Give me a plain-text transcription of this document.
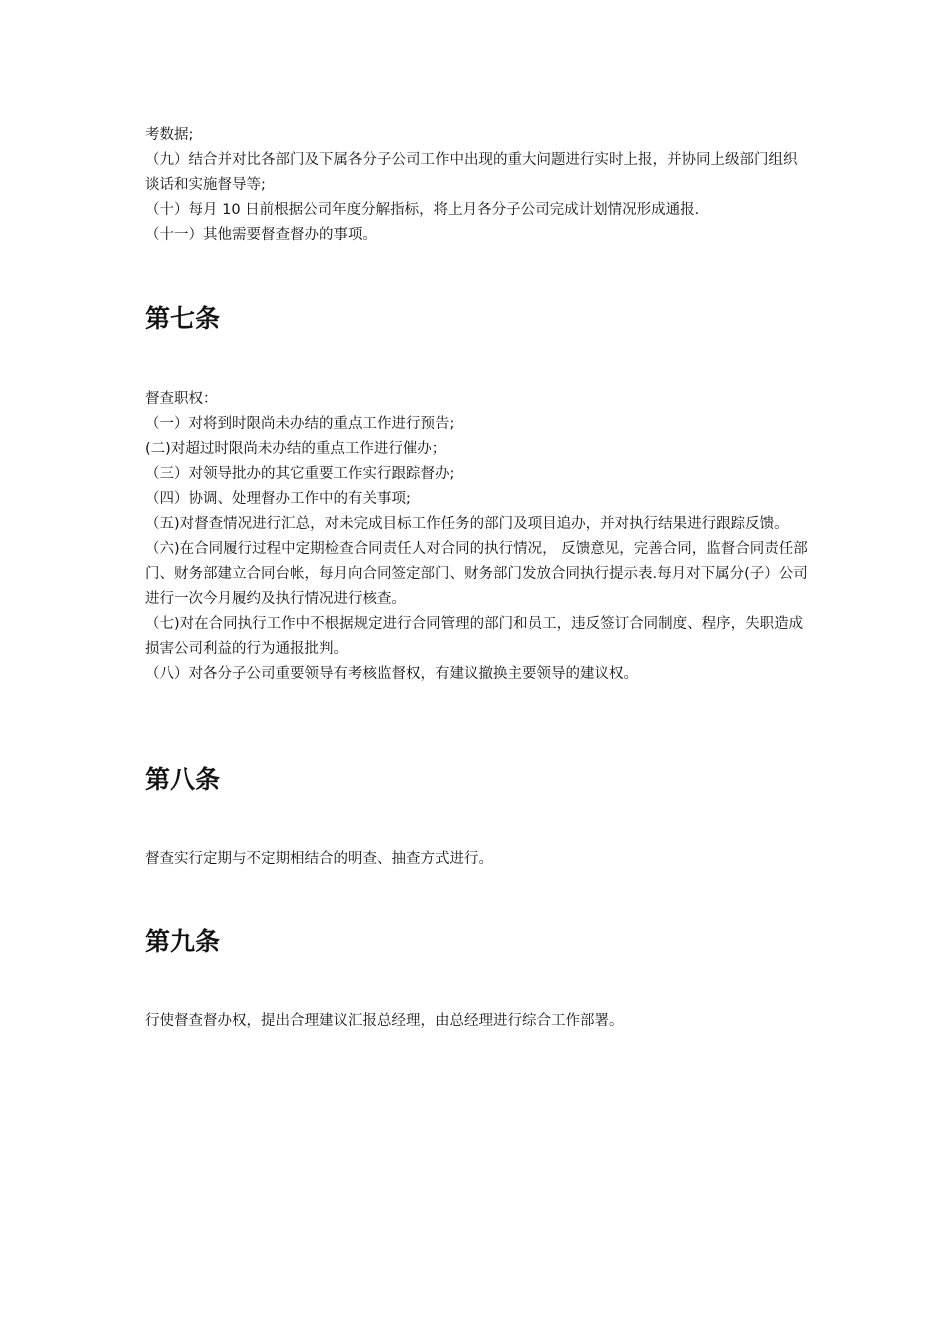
考数据;

（九）结合并对比各部门及下属各分子公司工作中出现的重大问题进行实时上报，并协同上级部门组织谈话和实施督导等;

（十）每月 10 日前根据公司年度分解指标，将上月各分子公司完成计划情况形成通报.

（十一）其他需要督查督办的事项。

第七条

督查职权：

（一）对将到时限尚未办结的重点工作进行预告;

(二)对超过时限尚未办结的重点工作进行催办；

（三）对领导批办的其它重要工作实行跟踪督办;

（四）协调、处理督办工作中的有关事项;

（五)对督查情况进行汇总，对未完成目标工作任务的部门及项目追办，并对执行结果进行跟踪反馈。

（六)在合同履行过程中定期检查合同责任人对合同的执行情况， 反馈意见，完善合同，监督合同责任部门、财务部建立合同台帐，每月向合同签定部门、财务部门发放合同执行提示表.每月对下属分(子）公司进行一次今月履约及执行情况进行核查。

（七)对在合同执行工作中不根据规定进行合同管理的部门和员工，违反签订合同制度、程序，失职造成损害公司利益的行为通报批判。

（八）对各分子公司重要领导有考核监督权，有建议撤换主要领导的建议权。

第八条

督查实行定期与不定期相结合的明查、抽查方式进行。

第九条

行使督查督办权，提出合理建议汇报总经理，由总经理进行综合工作部署。
